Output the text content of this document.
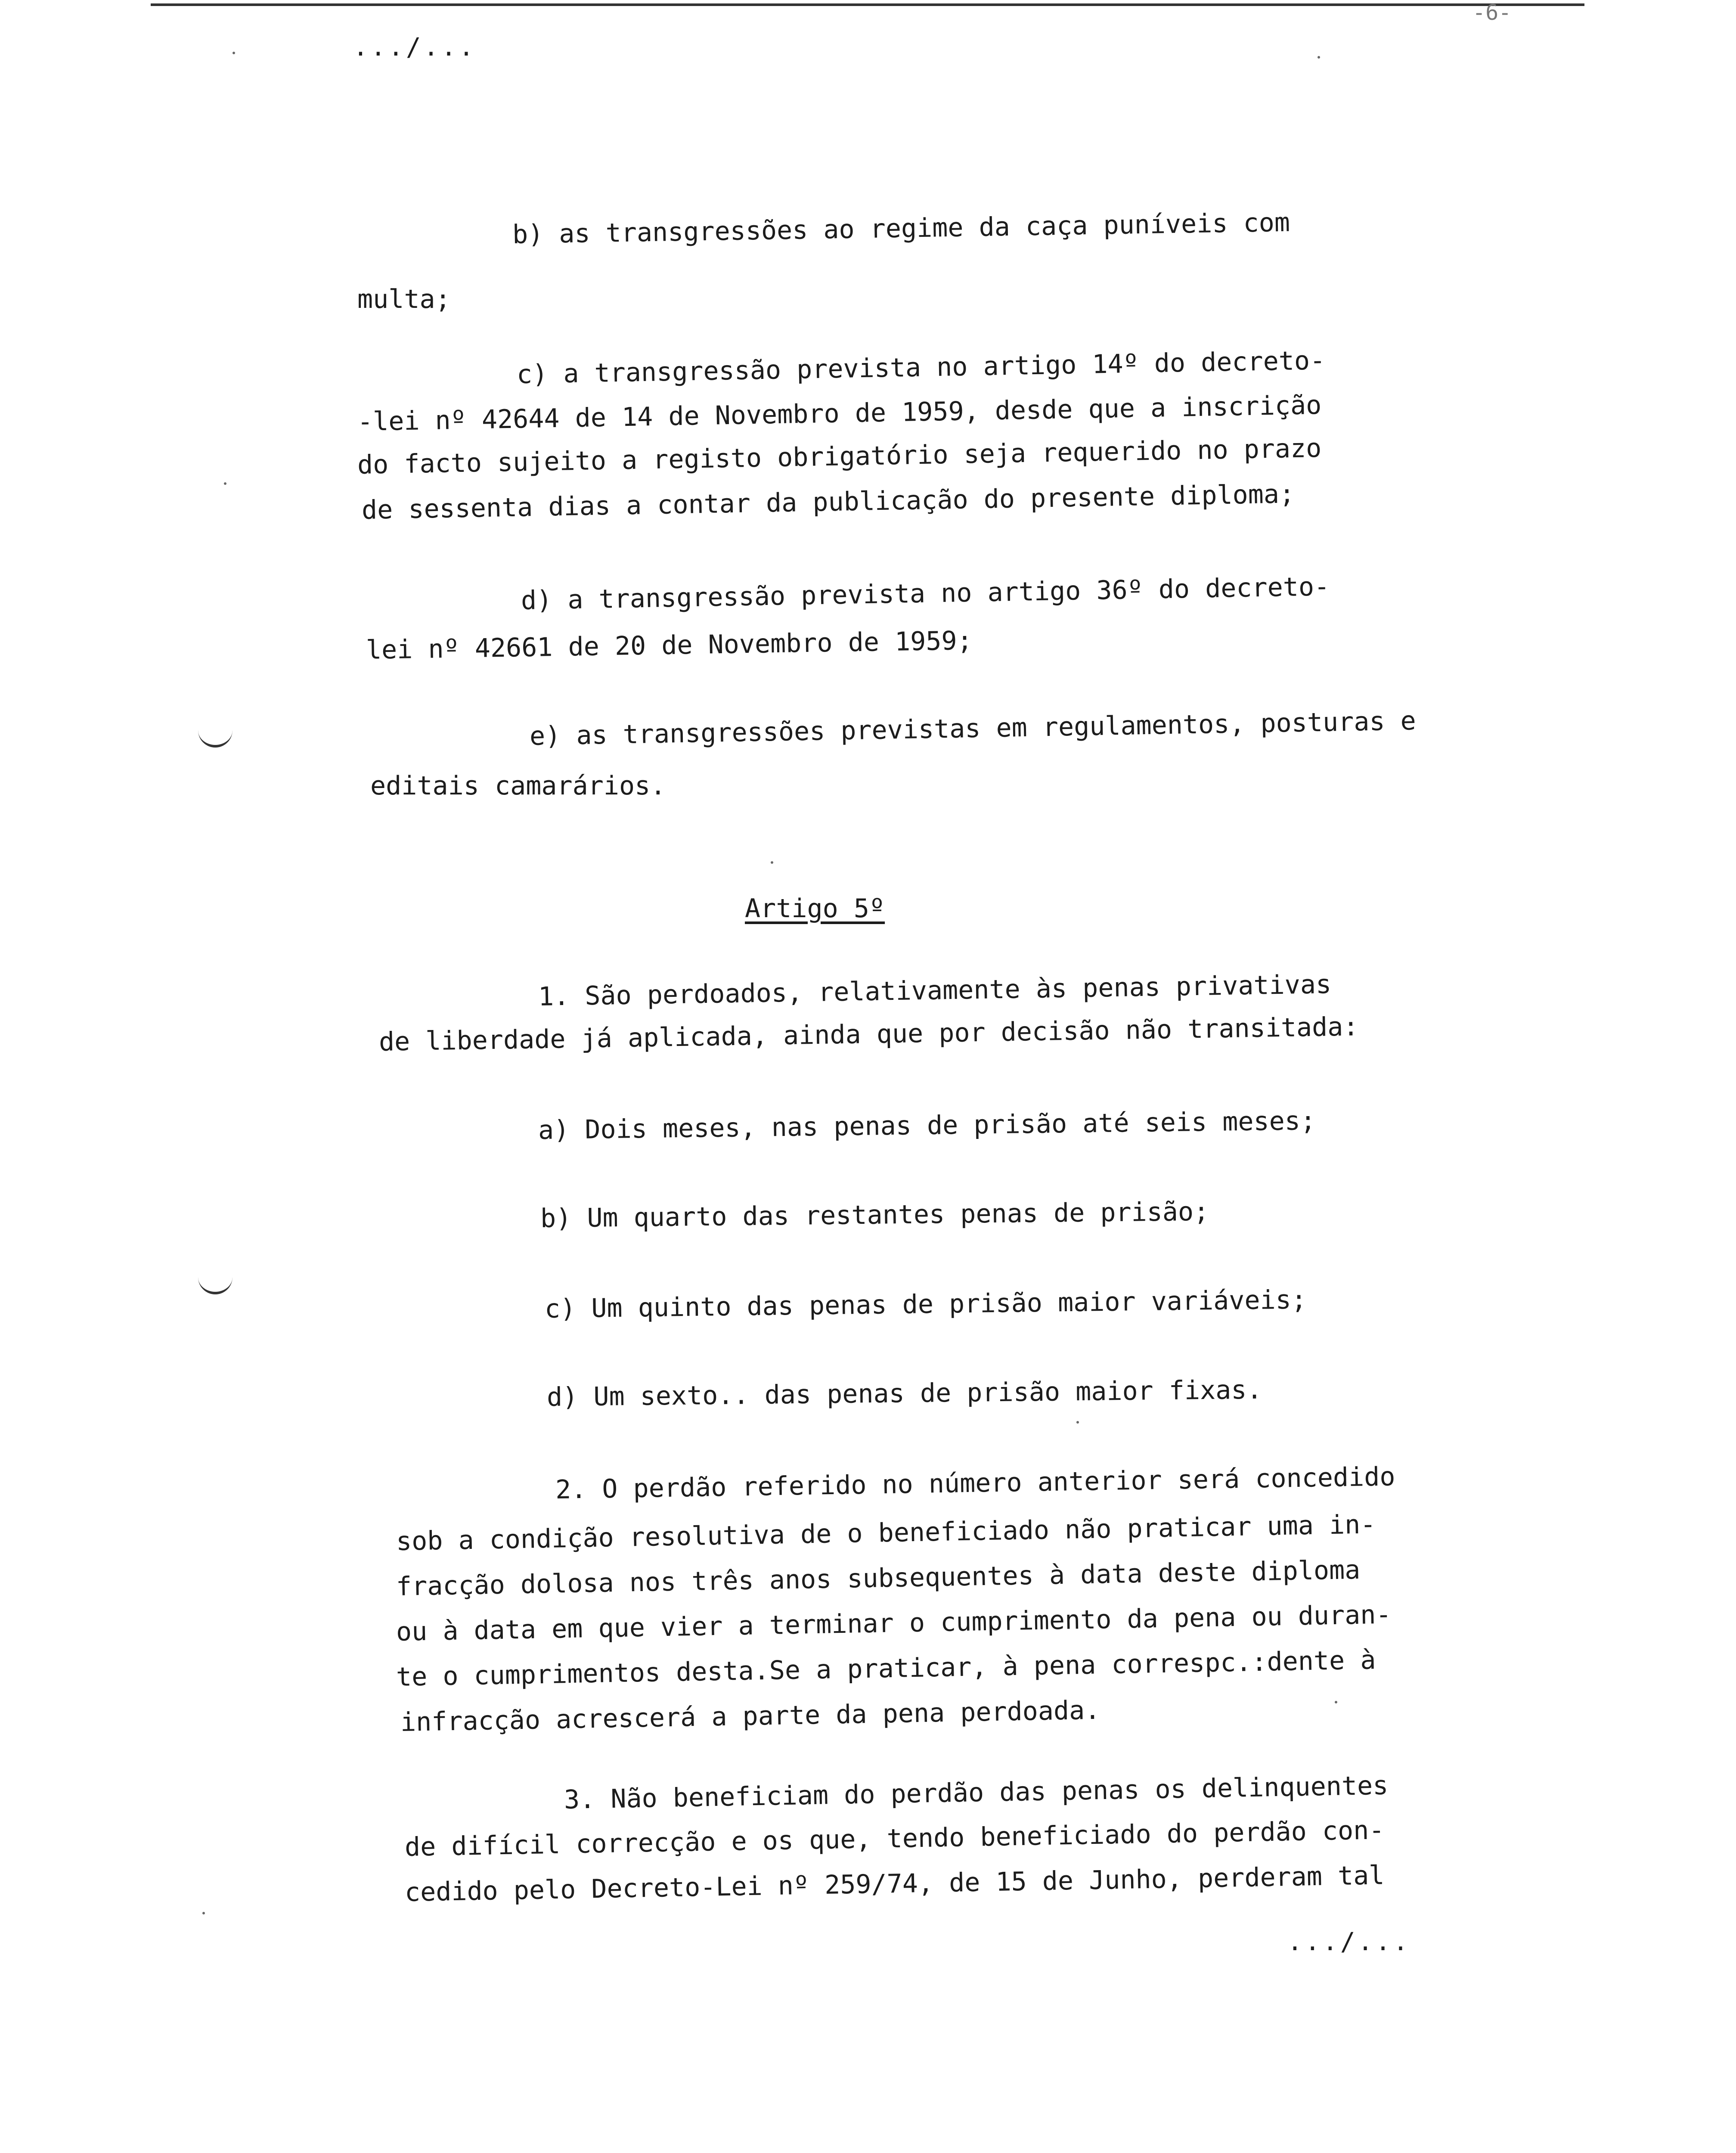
-6-
.../...
b) as transgressões ao regime da caça puníveis com
multa;
c) a transgressão prevista no artigo 14º do decreto-
-lei nº 42644 de 14 de Novembro de 1959, desde que a inscrição
do facto sujeito a registo obrigatório seja requerido no prazo
de sessenta dias a contar da publicação do presente diploma;
d) a transgressão prevista no artigo 36º do decreto-
lei nº 42661 de 20 de Novembro de 1959;
e) as transgressões previstas em regulamentos, posturas e
editais camarários.
Artigo 5º
1. São perdoados, relativamente às penas privativas
de liberdade já aplicada, ainda que por decisão não transitada:
a) Dois meses, nas penas de prisão até seis meses;
b) Um quarto das restantes penas de prisão;
c) Um quinto das penas de prisão maior variáveis;
d) Um sexto.. das penas de prisão maior fixas.
2. O perdão referido no número anterior será concedido
sob a condição resolutiva de o beneficiado não praticar uma in-
fracção dolosa nos três anos subsequentes à data deste diploma
ou à data em que vier a terminar o cumprimento da pena ou duran-
te o cumprimentos desta.Se a praticar, à pena correspc.:dente à
infracção acrescerá a parte da pena perdoada.
3. Não beneficiam do perdão das penas os delinquentes
de difícil correcção e os que, tendo beneficiado do perdão con-
cedido pelo Decreto-Lei nº 259/74, de 15 de Junho, perderam tal
.../...
